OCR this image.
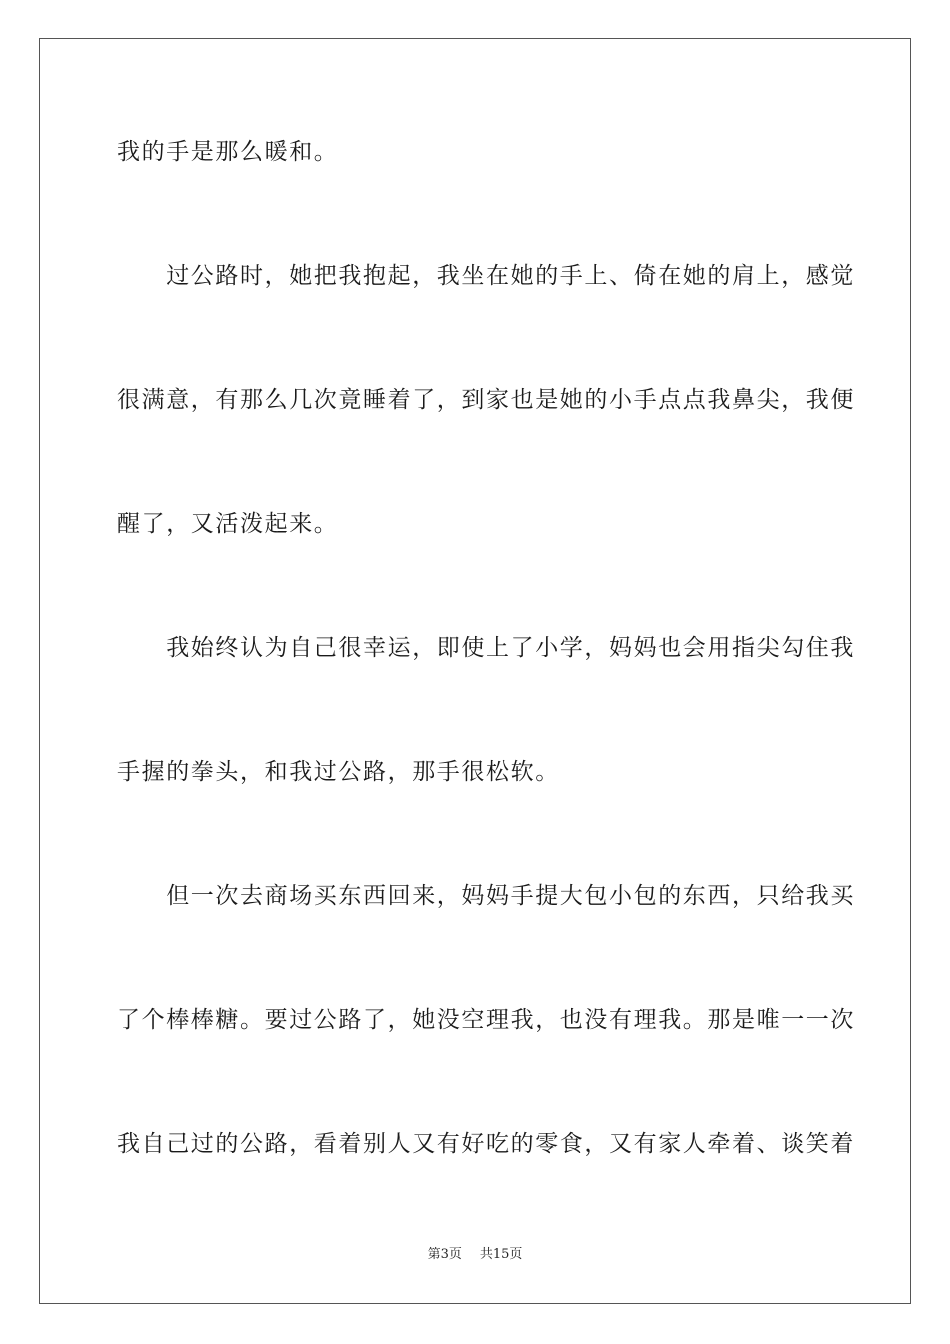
我的手是那么暖和。
　　过公路时，她把我抱起，我坐在她的手上、倚在她的肩上，感觉
很满意，有那么几次竟睡着了，到家也是她的小手点点我鼻尖，我便
醒了，又活泼起来。
　　我始终认为自己很幸运，即使上了小学，妈妈也会用指尖勾住我
手握的拳头，和我过公路，那手很松软。
　　但一次去商场买东西回来，妈妈手提大包小包的东西，只给我买
了个棒棒糖。要过公路了，她没空理我，也没有理我。那是唯一一次
我自己过的公路，看着别人又有好吃的零食，又有家人牵着、谈笑着
第3页 共15页
